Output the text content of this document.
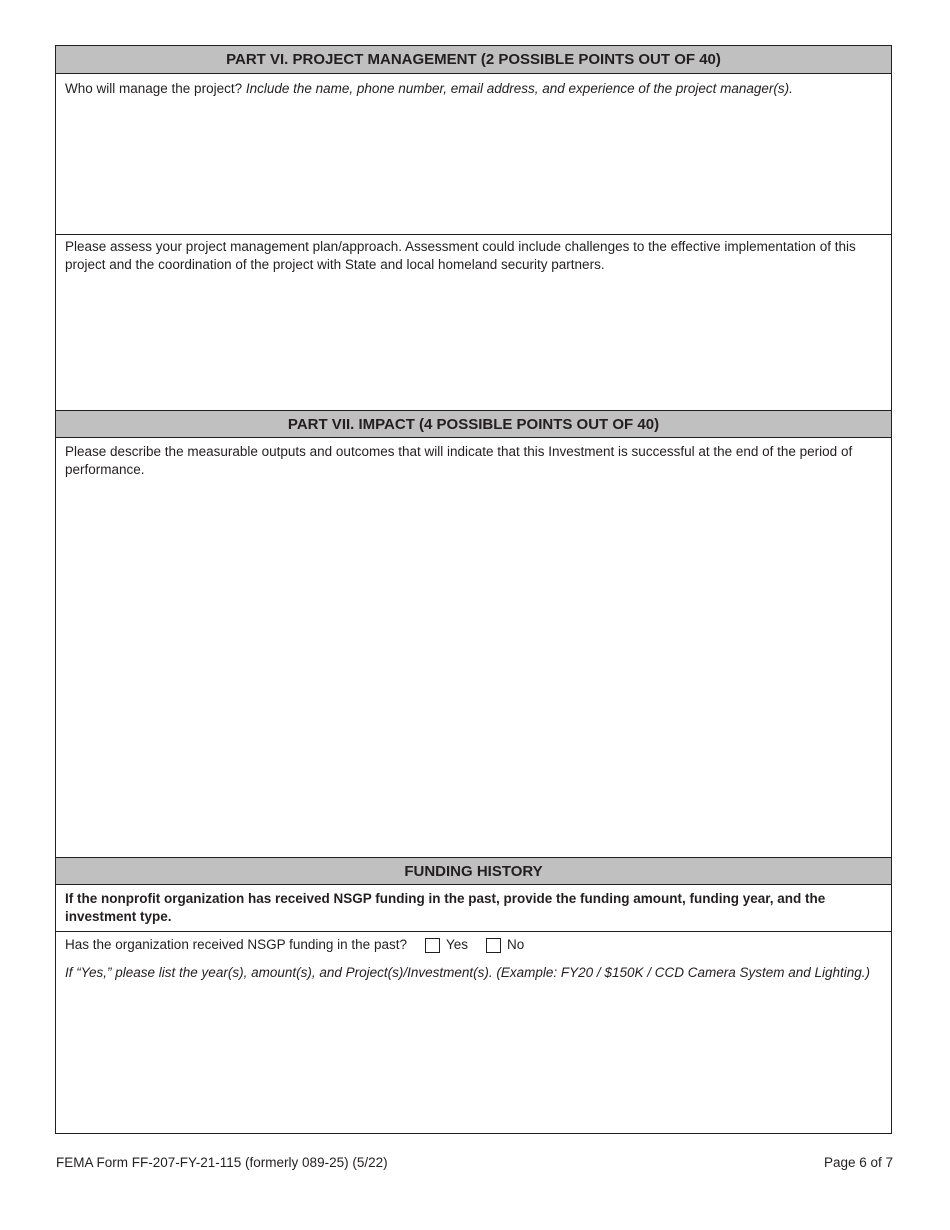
PART VI. PROJECT MANAGEMENT (2 POSSIBLE POINTS OUT OF 40)
Who will manage the project? Include the name, phone number, email address, and experience of the project manager(s).
Please assess your project management plan/approach. Assessment could include challenges to the effective implementation of this project and the coordination of the project with State and local homeland security partners.
PART VII. IMPACT (4 POSSIBLE POINTS OUT OF 40)
Please describe the measurable outputs and outcomes that will indicate that this Investment is successful at the end of the period of performance.
FUNDING HISTORY
If the nonprofit organization has received NSGP funding in the past, provide the funding amount, funding year, and the investment type.
Has the organization received NSGP funding in the past?	Yes	No
If “Yes,” please list the year(s), amount(s), and Project(s)/Investment(s). (Example: FY20 / $150K / CCD Camera System and Lighting.)
FEMA Form FF-207-FY-21-115 (formerly 089-25) (5/22)	Page 6 of 7
